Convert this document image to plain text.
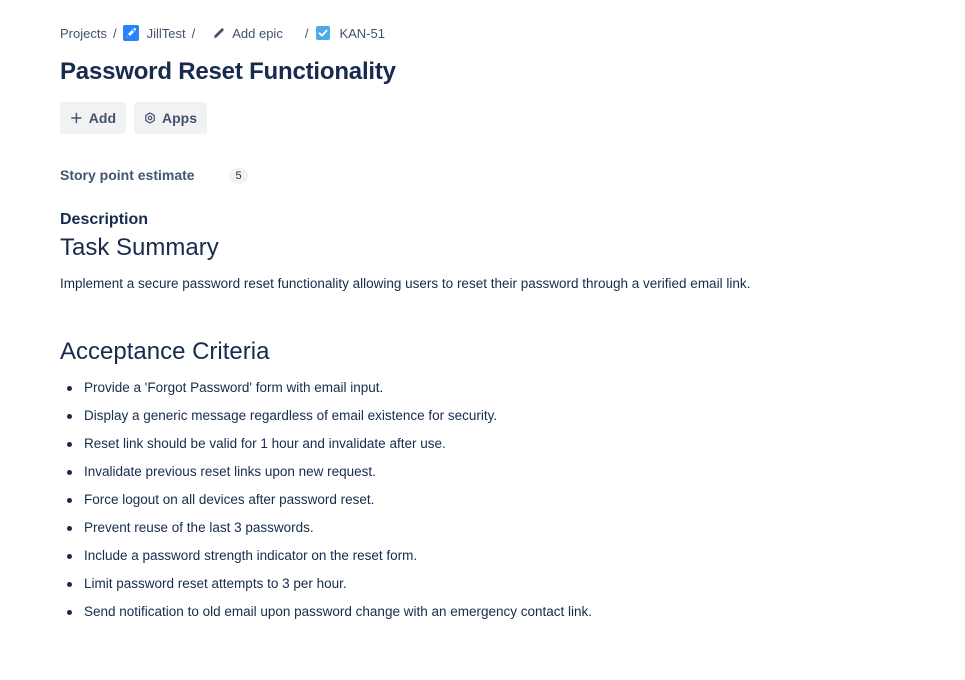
Projects / JillTest /	Add epic / KAN-51
Password Reset Functionality
Add	Apps
Story point estimate	5
Description
Task Summary

Implement a secure password reset functionality allowing users to reset their password through a verified email link.

Acceptance Criteria
Provide a 'Forgot Password' form with email input.
Display a generic message regardless of email existence for security.
Reset link should be valid for 1 hour and invalidate after use.
Invalidate previous reset links upon new request.
Force logout on all devices after password reset.
Prevent reuse of the last 3 passwords.
Include a password strength indicator on the reset form.
Limit password reset attempts to 3 per hour.
Send notification to old email upon password change with an emergency contact link.
